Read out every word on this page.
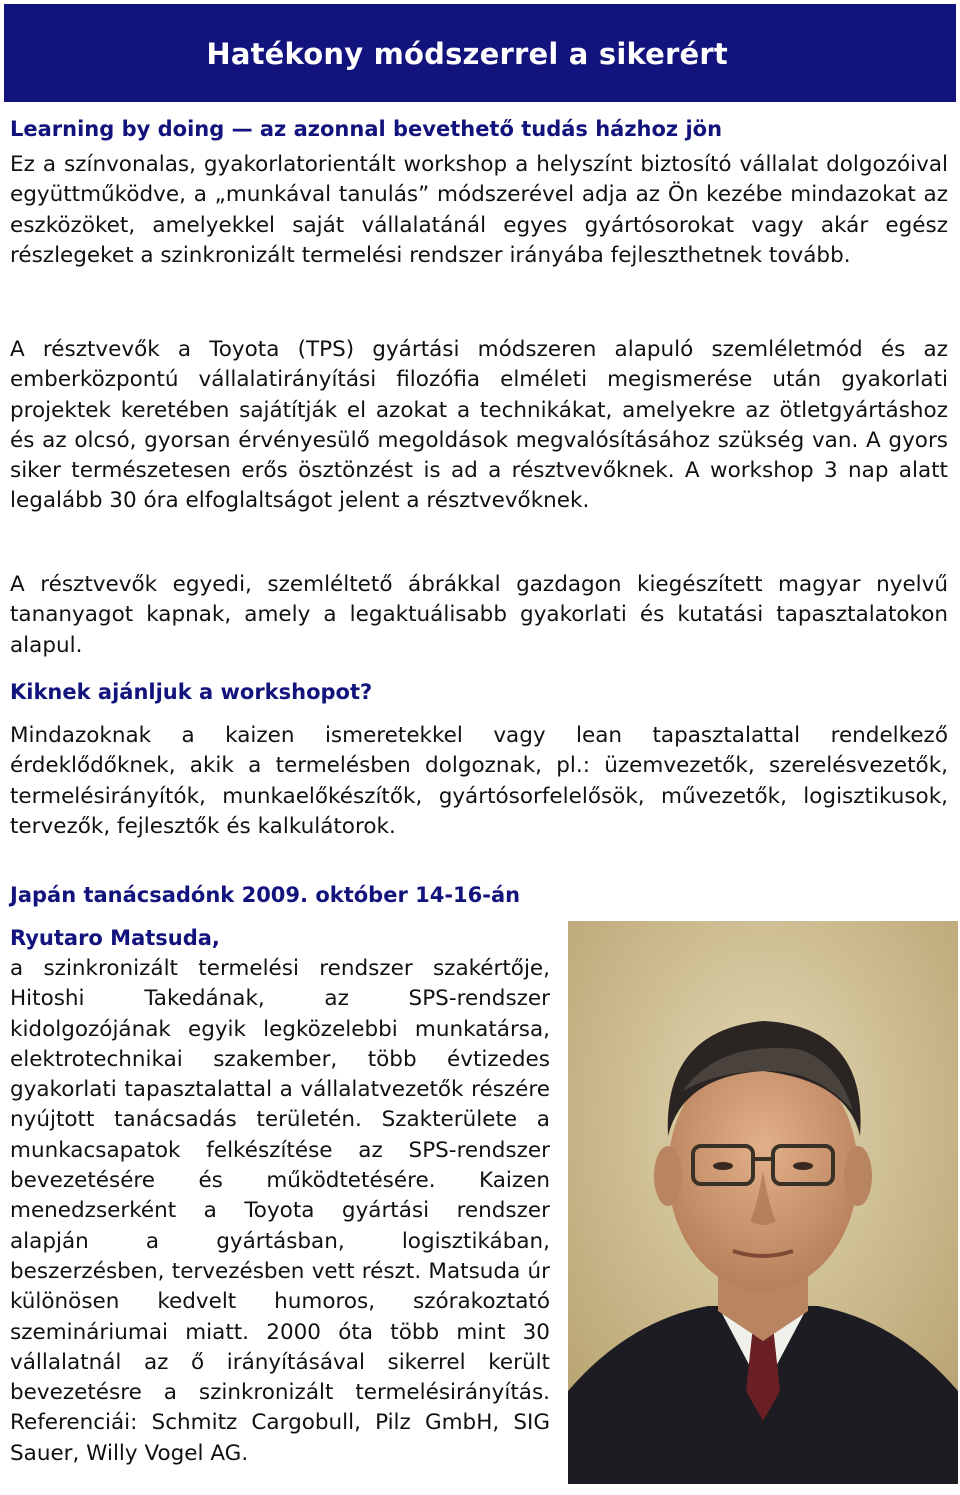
Hatékony módszerrel a sikerért
Learning by doing — az azonnal bevethető tudás házhoz jön

Ez a színvonalas, gyakorlatorientált workshop a helyszínt biztosító vállalat dolgozóival együttműködve, a „munkával tanulás” módszerével adja az Ön kezébe mindazokat az eszközöket, amelyekkel saját vállalatánál egyes gyártósorokat vagy akár egész részlegeket a szinkronizált termelési rendszer irányába fejleszthetnek tovább.

A résztvevők a Toyota (TPS) gyártási módszeren alapuló szemléletmód és az emberközpontú vállalatirányítási filozófia elméleti megismerése után gyakorlati projektek keretében sajátítják el azokat a technikákat, amelyekre az ötletgyártáshoz és az olcsó, gyorsan érvényesülő megoldások megvalósításához szükség van. A gyors siker természetesen erős ösztönzést is ad a résztvevőknek. A workshop 3 nap alatt legalább 30 óra elfoglaltságot jelent a résztvevőknek.

A résztvevők egyedi, szemléltető ábrákkal gazdagon kiegészített magyar nyelvű tananyagot kapnak, amely a legaktuálisabb gyakorlati és kutatási tapasztalatokon alapul.

Kiknek ajánljuk a workshopot?

Mindazoknak a kaizen ismeretekkel vagy lean tapasztalattal rendelkező érdeklődőknek, akik a termelésben dolgoznak, pl.: üzemvezetők, szerelésvezetők, termelésirányítók, munkaelőkészítők, gyártósorfelelősök, művezetők, logisztikusok, tervezők, fejlesztők és kalkulátorok.

Japán tanácsadónk 2009. október 14-16-án
Ryutaro Matsuda,

a szinkronizált termelési rendszer szakértője, Hitoshi Takedának, az SPS-rendszer kidolgozójának egyik legközelebbi munkatársa, elektrotechnikai szakember, több évtizedes gyakorlati tapasztalattal a vállalatvezetők részére nyújtott tanácsadás területén. Szakterülete a munkacsapatok felkészítése az SPS-rendszer bevezetésére és működtetésére. Kaizen menedzserként a Toyota gyártási rendszer alapján a gyártásban, logisztikában, beszerzésben, tervezésben vett részt. Matsuda úr különösen kedvelt humoros, szórakoztató szemináriumai miatt. 2000 óta több mint 30 vállalatnál az ő irányításával sikerrel került bevezetésre a szinkronizált termelésirányítás. Referenciái: Schmitz Cargobull, Pilz GmbH, SIG Sauer, Willy Vogel AG.
